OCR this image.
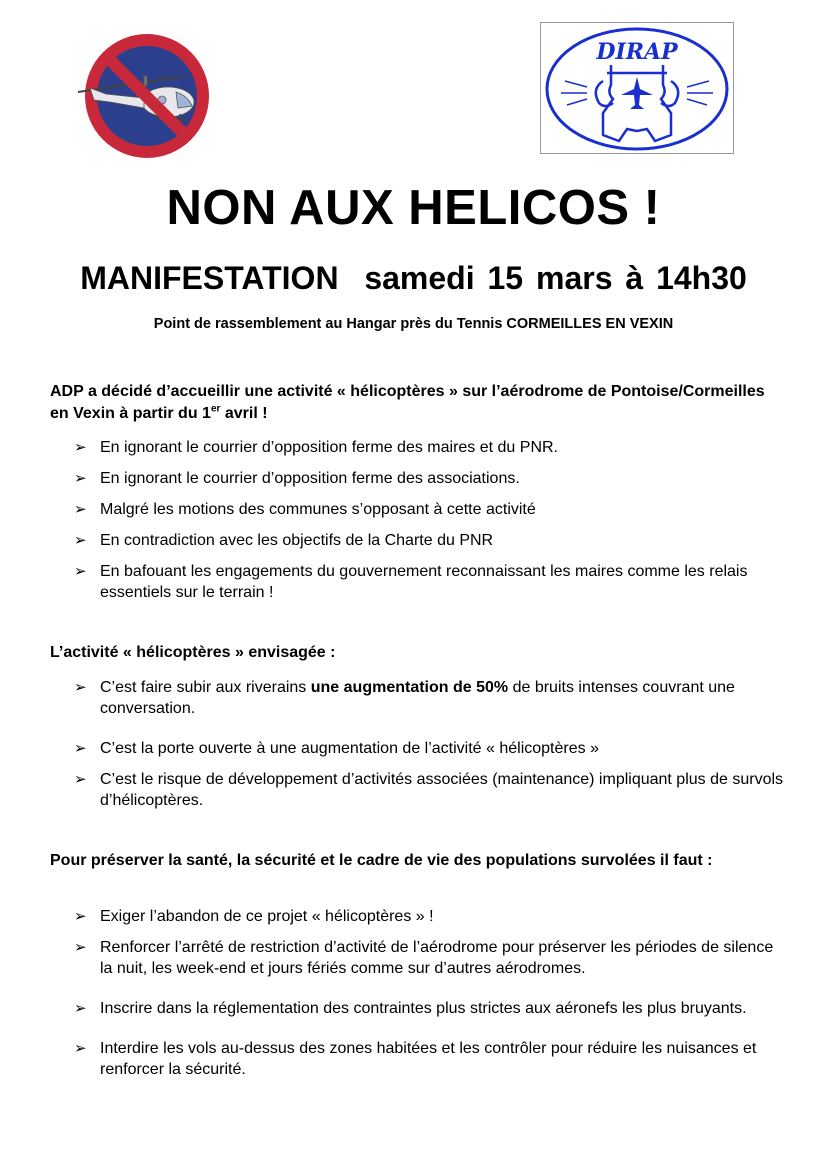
DIRAP
NON AUX HELICOS !
MANIFESTATION  samedi 15 mars à 14h30
Point de rassemblement au Hangar près du Tennis CORMEILLES EN VEXIN

ADP a décidé d’accueillir une activité « hélicoptères » sur l’aérodrome de Pontoise/Cormeilles en Vexin à partir du 1er avril !

➢ En ignorant le courrier d’opposition ferme des maires et du PNR.
➢ En ignorant le courrier d’opposition ferme des associations.
➢ Malgré les motions des communes s’opposant à cette activité
➢ En contradiction avec les objectifs de la Charte du PNR
➢ En bafouant les engagements du gouvernement reconnaissant les maires comme les relais essentiels sur le terrain !

L’activité « hélicoptères » envisagée :

➢ C’est faire subir aux riverains une augmentation de 50% de bruits intenses couvrant une conversation.
➢ C’est la porte ouverte à une augmentation de l’activité « hélicoptères »
➢ C’est le risque de développement d’activités associées (maintenance) impliquant plus de survols d’hélicoptères.

Pour préserver la santé, la sécurité et le cadre de vie des populations survolées il faut :

➢ Exiger l’abandon de ce projet « hélicoptères » !
➢ Renforcer l’arrêté de restriction d’activité de l’aérodrome pour préserver les périodes de silence la nuit, les week-end et jours fériés comme sur d’autres aérodromes.
➢ Inscrire dans la réglementation des contraintes plus strictes aux aéronefs les plus bruyants.
➢ Interdire les vols au-dessus des zones habitées et les contrôler pour réduire les nuisances et renforcer la sécurité.
